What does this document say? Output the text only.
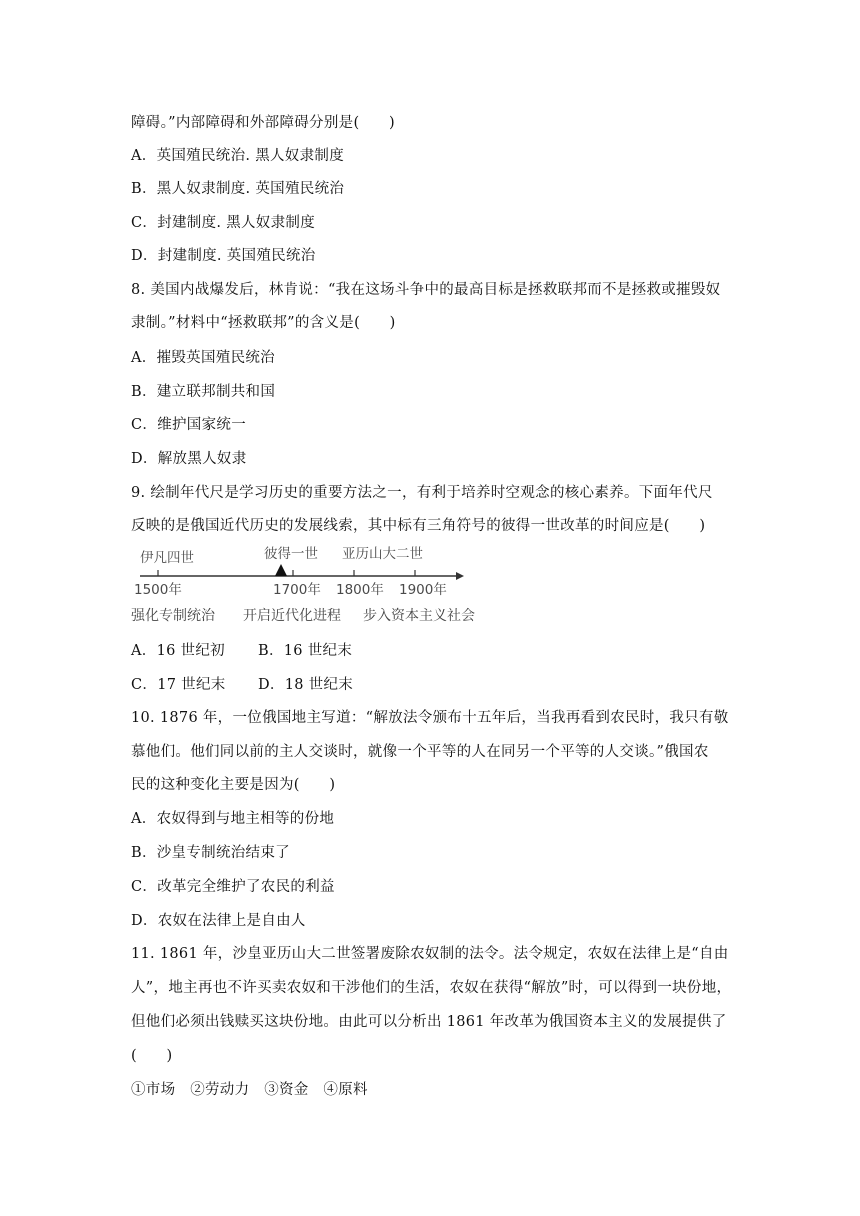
障碍。”内部障碍和外部障碍分别是(　　)
A．英国殖民统治. 黑人奴隶制度
B．黑人奴隶制度. 英国殖民统治
C．封建制度. 黑人奴隶制度
D．封建制度. 英国殖民统治
8. 美国内战爆发后，林肯说：“我在这场斗争中的最高目标是拯救联邦而不是拯救或摧毁奴
隶制。”材料中“拯救联邦”的含义是(　　)
B．建立联邦制共和国
A．摧毁英国殖民统治
C．维护国家统一
D．解放黑人奴隶
9. 绘制年代尺是学习历史的重要方法之一，有利于培养时空观念的核心素养。下面年代尺
反映的是俄国近代历史的发展线索，其中标有三角符号的彼得一世改革的时间应是(　　)
伊凡四世	彼得一世 亚历山大二世
1500年	1700年 1800年 1900年
强化专制统治 开启近代化进程 步入资本主义社会
A．16 世纪初 B．16 世纪末
C．17 世纪末 D．18 世纪末
10. 1876 年，一位俄国地主写道：“解放法令颁布十五年后，当我再看到农民时，我只有敬
慕他们。他们同以前的主人交谈时，就像一个平等的人在同另一个平等的人交谈。”俄国农
民的这种变化主要是因为(　　)
A．农奴得到与地主相等的份地
B．沙皇专制统治结束了
C．改革完全维护了农民的利益
D．农奴在法律上是自由人
11. 1861 年，沙皇亚历山大二世签署废除农奴制的法令。法令规定，农奴在法律上是“自由
人”，地主再也不许买卖农奴和干涉他们的生活，农奴在获得“解放”时，可以得到一块份地，
但他们必须出钱赎买这块份地。由此可以分析出 1861 年改革为俄国资本主义的发展提供了
(　　)
①市场　②劳动力　③资金　④原料
